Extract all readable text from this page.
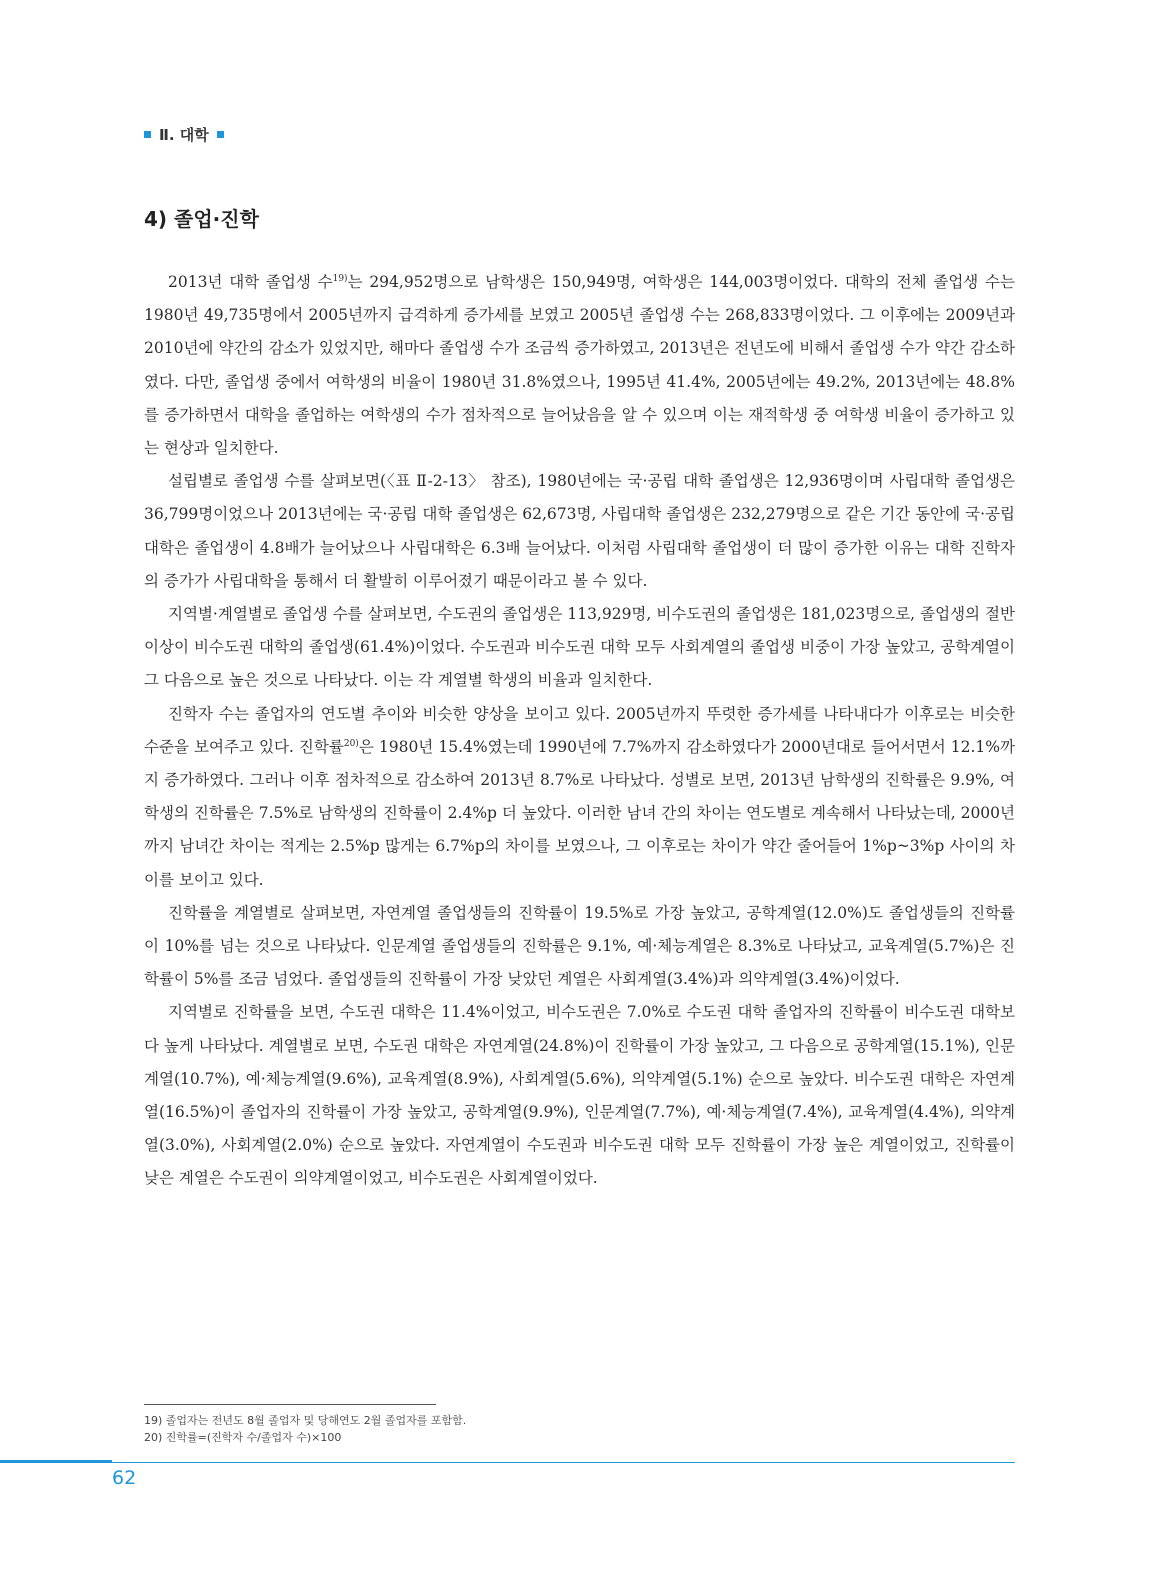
Ⅱ. 대학
4) 졸업·진학

2013년 대학 졸업생 수$^{19)}$는 294,952명으로 남학생은 150,949명, 여학생은 144,003명이었다. 대학의 전체 졸업생 수는 1980년 49,735명에서 2005년까지 급격하게 증가세를 보였고 2005년 졸업생 수는 268,833명이었다. 그 이후에는 2009년과 2010년에 약간의 감소가 있었지만, 해마다 졸업생 수가 조금씩 증가하였고, 2013년은 전년도에 비해서 졸업생 수가 약간 감소하였다. 다만, 졸업생 중에서 여학생의 비율이 1980년 31.8%였으나, 1995년 41.4%, 2005년에는 49.2%, 2013년에는 48.8%를 증가하면서 대학을 졸업하는 여학생의 수가 점차적으로 늘어났음을 알 수 있으며 이는 재적학생 중 여학생 비율이 증가하고 있는 현상과 일치한다.

설립별로 졸업생 수를 살펴보면(〈표 Ⅱ-2-13〉 참조), 1980년에는 국·공립 대학 졸업생은 12,936명이며 사립대학 졸업생은 36,799명이었으나 2013년에는 국·공립 대학 졸업생은 62,673명, 사립대학 졸업생은 232,279명으로 같은 기간 동안에 국·공립 대학은 졸업생이 4.8배가 늘어났으나 사립대학은 6.3배 늘어났다. 이처럼 사립대학 졸업생이 더 많이 증가한 이유는 대학 진학자의 증가가 사립대학을 통해서 더 활발히 이루어졌기 때문이라고 볼 수 있다.

지역별·계열별로 졸업생 수를 살펴보면, 수도권의 졸업생은 113,929명, 비수도권의 졸업생은 181,023명으로, 졸업생의 절반 이상이 비수도권 대학의 졸업생(61.4%)이었다. 수도권과 비수도권 대학 모두 사회계열의 졸업생 비중이 가장 높았고, 공학계열이 그 다음으로 높은 것으로 나타났다. 이는 각 계열별 학생의 비율과 일치한다.

진학자 수는 졸업자의 연도별 추이와 비슷한 양상을 보이고 있다. 2005년까지 뚜렷한 증가세를 나타내다가 이후로는 비슷한 수준을 보여주고 있다. 진학률$^{20)}$은 1980년 15.4%였는데 1990년에 7.7%까지 감소하였다가 2000년대로 들어서면서 12.1%까지 증가하였다. 그러나 이후 점차적으로 감소하여 2013년 8.7%로 나타났다. 성별로 보면, 2013년 남학생의 진학률은 9.9%, 여학생의 진학률은 7.5%로 남학생의 진학률이 2.4%p 더 높았다. 이러한 남녀 간의 차이는 연도별로 계속해서 나타났는데, 2000년까지 남녀간 차이는 적게는 2.5%p 많게는 6.7%p의 차이를 보였으나, 그 이후로는 차이가 약간 줄어들어 1%p~3%p 사이의 차이를 보이고 있다.

진학률을 계열별로 살펴보면, 자연계열 졸업생들의 진학률이 19.5%로 가장 높았고, 공학계열(12.0%)도 졸업생들의 진학률이 10%를 넘는 것으로 나타났다. 인문계열 졸업생들의 진학률은 9.1%, 예·체능계열은 8.3%로 나타났고, 교육계열(5.7%)은 진학률이 5%를 조금 넘었다. 졸업생들의 진학률이 가장 낮았던 계열은 사회계열(3.4%)과 의약계열(3.4%)이었다.

지역별로 진학률을 보면, 수도권 대학은 11.4%이었고, 비수도권은 7.0%로 수도권 대학 졸업자의 진학률이 비수도권 대학보다 높게 나타났다. 계열별로 보면, 수도권 대학은 자연계열(24.8%)이 진학률이 가장 높았고, 그 다음으로 공학계열(15.1%), 인문계열(10.7%), 예·체능계열(9.6%), 교육계열(8.9%), 사회계열(5.6%), 의약계열(5.1%) 순으로 높았다. 비수도권 대학은 자연계열(16.5%)이 졸업자의 진학률이 가장 높았고, 공학계열(9.9%), 인문계열(7.7%), 예·체능계열(7.4%), 교육계열(4.4%), 의약계열(3.0%), 사회계열(2.0%) 순으로 높았다. 자연계열이 수도권과 비수도권 대학 모두 진학률이 가장 높은 계열이었고, 진학률이 낮은 계열은 수도권이 의약계열이었고, 비수도권은 사회계열이었다.

19) 졸업자는 전년도 8월 졸업자 및 당해연도 2월 졸업자를 포함함.
20) 진학률=(진학자 수/졸업자 수)×100
62
